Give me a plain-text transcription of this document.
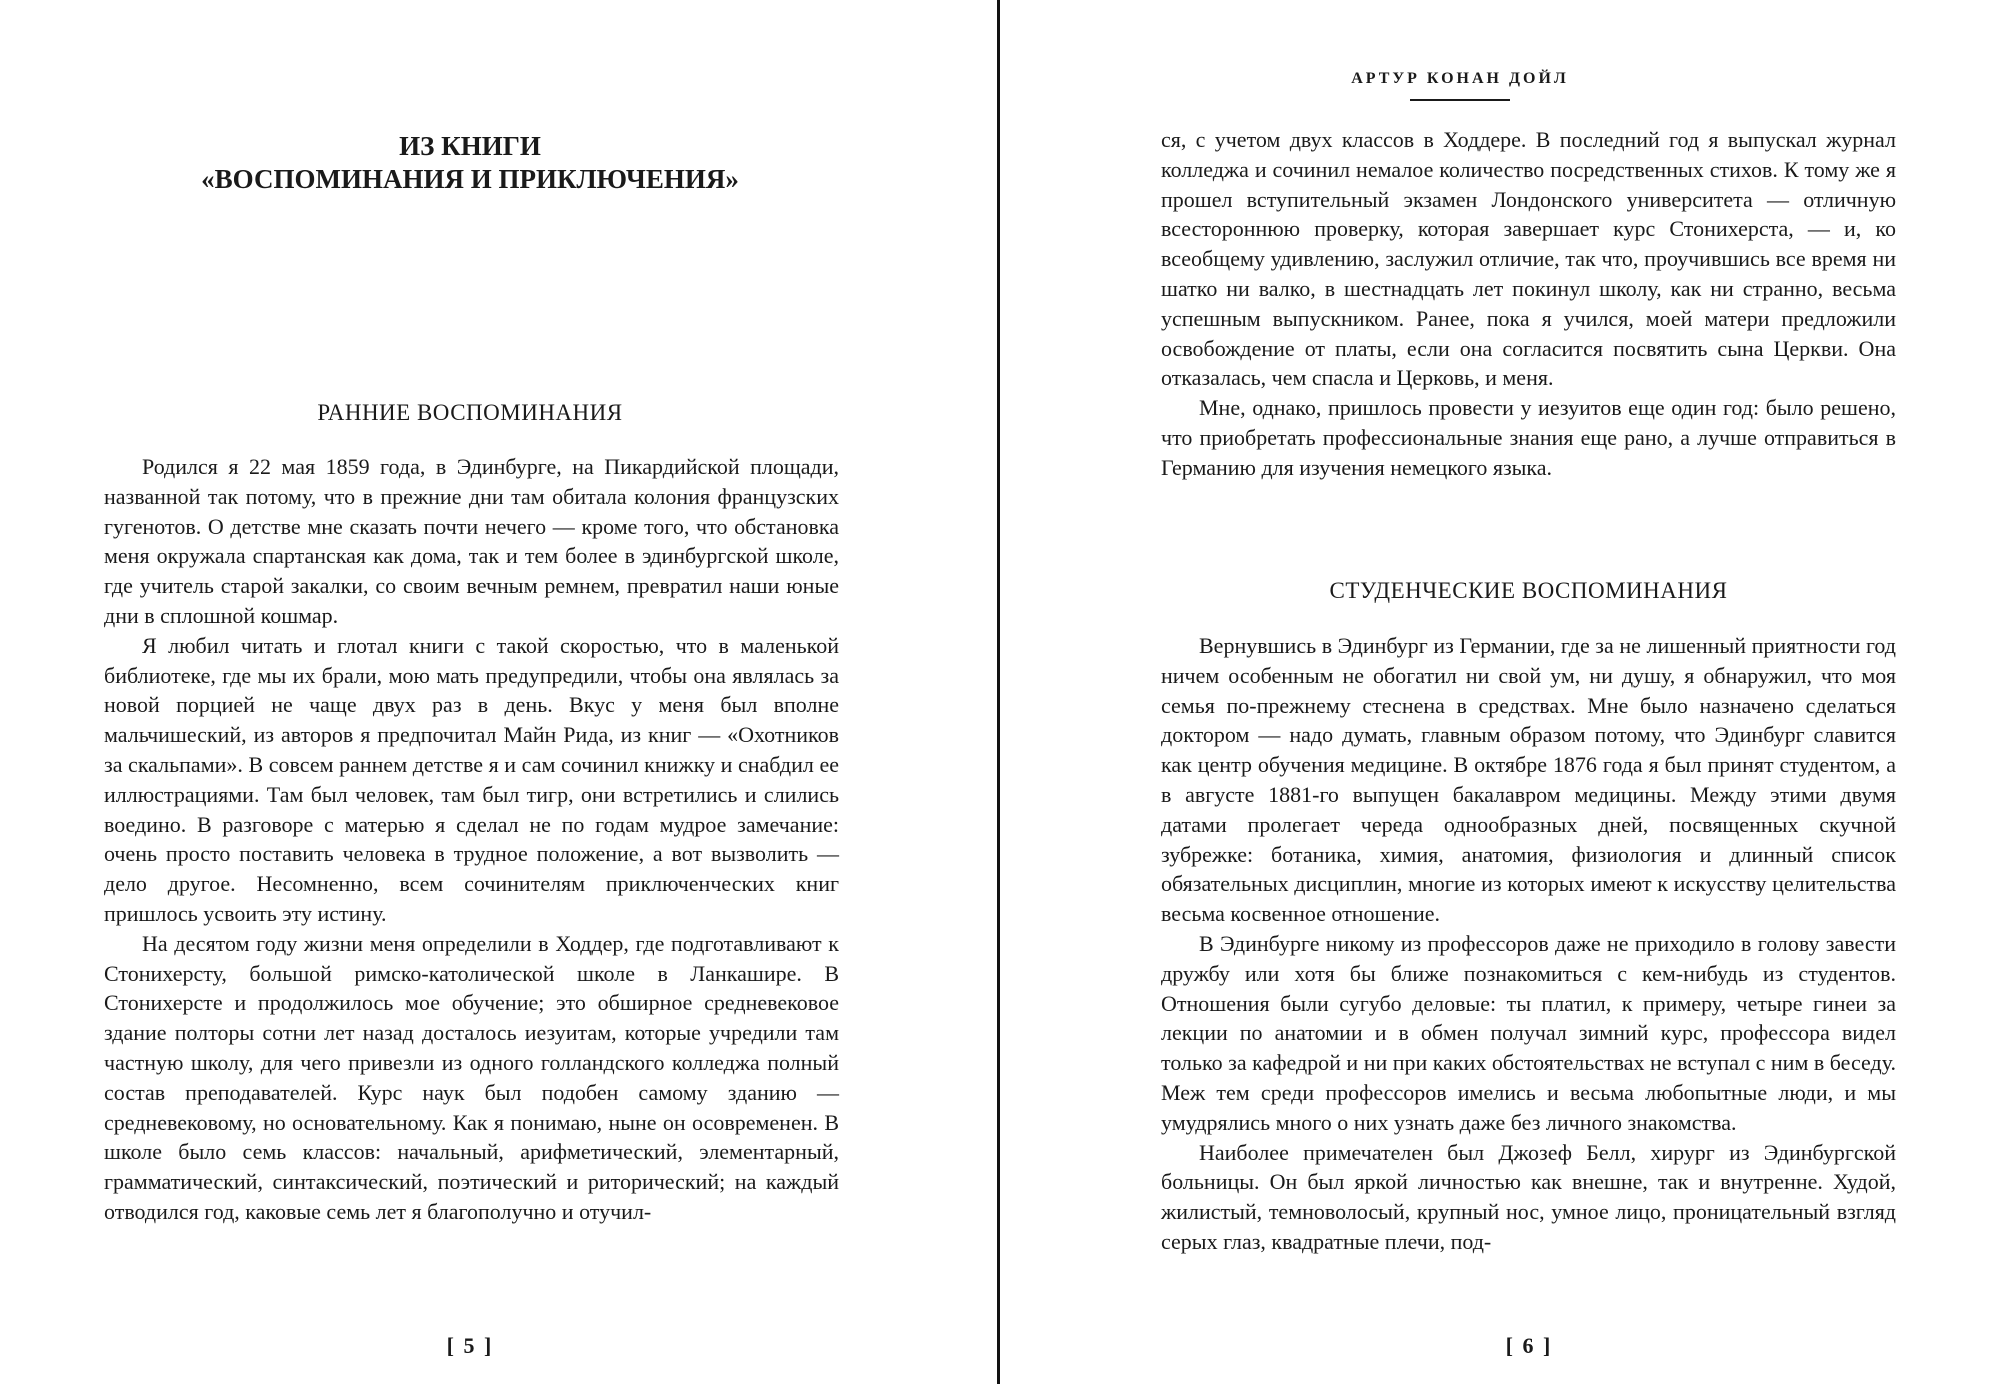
ИЗ КНИГИ
«ВОСПОМИНАНИЯ И ПРИКЛЮЧЕНИЯ»
РАННИЕ ВОСПОМИНАНИЯ

Родился я 22 мая 1859 года, в Эдинбурге, на Пикардийской площади, названной так потому, что в прежние дни там обитала колония французских гугенотов. О детстве мне сказать почти нечего — кроме того, что обстановка меня окружала спартанская как дома, так и тем более в эдинбургской школе, где учитель старой закалки, со своим вечным ремнем, превратил наши юные дни в сплошной кошмар.

Я любил читать и глотал книги с такой скоростью, что в маленькой библиотеке, где мы их брали, мою мать предупредили, чтобы она являлась за новой порцией не чаще двух раз в день. Вкус у меня был вполне мальчишеский, из авторов я предпочитал Майн Рида, из книг — «Охотников за скальпами». В совсем раннем детстве я и сам сочинил книжку и снабдил ее иллюстрациями. Там был человек, там был тигр, они встретились и слились воедино. В разговоре с матерью я сделал не по годам мудрое замечание: очень просто поставить человека в трудное положение, а вот вызволить — дело другое. Несомненно, всем сочинителям приключенческих книг пришлось усвоить эту истину.

На десятом году жизни меня определили в Ходдер, где подготавливают к Стонихерсту, большой римско-католической школе в Ланкашире. В Стонихерсте и продолжилось мое обучение; это обширное средневековое здание полторы сотни лет назад досталось иезуитам, которые учредили там частную школу, для чего привезли из одного голландского колледжа полный состав преподавателей. Курс наук был подобен самому зданию — средневековому, но основательному. Как я понимаю, ныне он осовременен. В школе было семь классов: начальный, арифметический, элементарный, грамматический, синтаксический, поэтический и риторический; на каждый отводился год, каковые семь лет я благополучно и отучил-

[ 5 ]
АРТУР КОНАН ДОЙЛ

ся, с учетом двух классов в Ходдере. В последний год я выпускал журнал колледжа и сочинил немалое количество посредственных стихов. К тому же я прошел вступительный экзамен Лондонского университета — отличную всестороннюю проверку, которая завершает курс Стонихерста, — и, ко всеобщему удивлению, заслужил отличие, так что, проучившись все время ни шатко ни валко, в шестнадцать лет покинул школу, как ни странно, весьма успешным выпускником. Ранее, пока я учился, моей матери предложили освобождение от платы, если она согласится посвятить сына Церкви. Она отказалась, чем спасла и Церковь, и меня.

Мне, однако, пришлось провести у иезуитов еще один год: было решено, что приобретать профессиональные знания еще рано, а лучше отправиться в Германию для изучения немецкого языка.

СТУДЕНЧЕСКИЕ ВОСПОМИНАНИЯ

Вернувшись в Эдинбург из Германии, где за не лишенный приятности год ничем особенным не обогатил ни свой ум, ни душу, я обнаружил, что моя семья по-прежнему стеснена в средствах. Мне было назначено сделаться доктором — надо думать, главным образом потому, что Эдинбург славится как центр обучения медицине. В октябре 1876 года я был принят студентом, а в августе 1881-го выпущен бакалавром медицины. Между этими двумя датами пролегает череда однообразных дней, посвященных скучной зубрежке: ботаника, химия, анатомия, физиология и длинный список обязательных дисциплин, многие из которых имеют к искусству целительства весьма косвенное отношение.

В Эдинбурге никому из профессоров даже не приходило в голову завести дружбу или хотя бы ближе познакомиться с кем-нибудь из студентов. Отношения были сугубо деловые: ты платил, к примеру, четыре гинеи за лекции по анатомии и в обмен получал зимний курс, профессора видел только за кафедрой и ни при каких обстоятельствах не вступал с ним в беседу. Меж тем среди профессоров имелись и весьма любопытные люди, и мы умудрялись много о них узнать даже без личного знакомства.

Наиболее примечателен был Джозеф Белл, хирург из Эдинбургской больницы. Он был яркой личностью как внешне, так и внутренне. Худой, жилистый, темноволосый, крупный нос, умное лицо, проницательный взгляд серых глаз, квадратные плечи, под-

[ 6 ]
